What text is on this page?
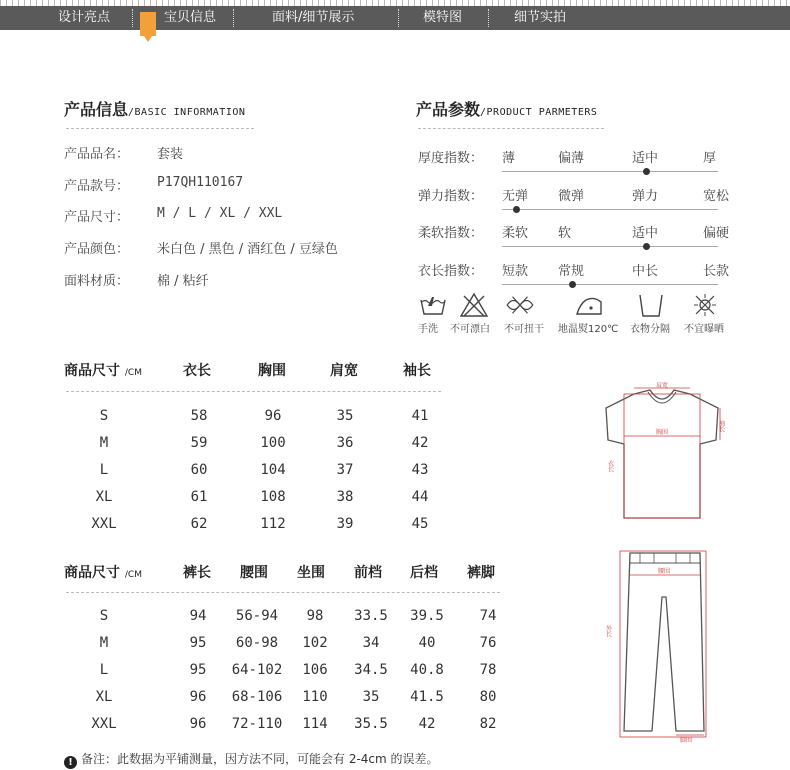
设计亮点	宝贝信息	面料/细节展示	模特图	细节实拍
产品信息/BASIC INFORMATION
产品品名： 套装
产品款号： P17QH110167
产品尺寸： M / L / XL / XXL
产品颜色： 米白色 / 黑色 / 酒红色 / 豆绿色
面料材质： 棉 / 粘纤
产品参数/PRODUCT PARMETERS
厚度指数： 薄	偏薄	适中	厚
弹力指数： 无弹 微弹	弹力	宽松
柔软指数： 柔软 软	适中	偏硬
衣长指数： 短款 常规	中长	长款
手洗 不可漂白 不可扭干 地温熨120℃ 衣物分隔 不宜曝晒
商品尺寸 /CM	衣长	胸围	肩宽	袖长
S	58	96	35	41
M	59	100	36	42
L	60	104	37	43
XL	61	108	38	44
XXL	62	112	39	45
商品尺寸 /CM	裤长 腰围 坐围 前档 后档 裤脚
S	94	56-94	98	33.5	39.5	74
M	95	60-98	102	34	40	76
L	95	64-102	106	34.5	40.8	78
XL	96	68-106	110	35	41.5	80
XXL	96	72-110	114	35.5	42	82
肩宽
胸围
衣长
袖长
腰围
外长
脚围
! 备注：此数据为平铺测量，因方法不同，可能会有 2-4cm 的误差。
